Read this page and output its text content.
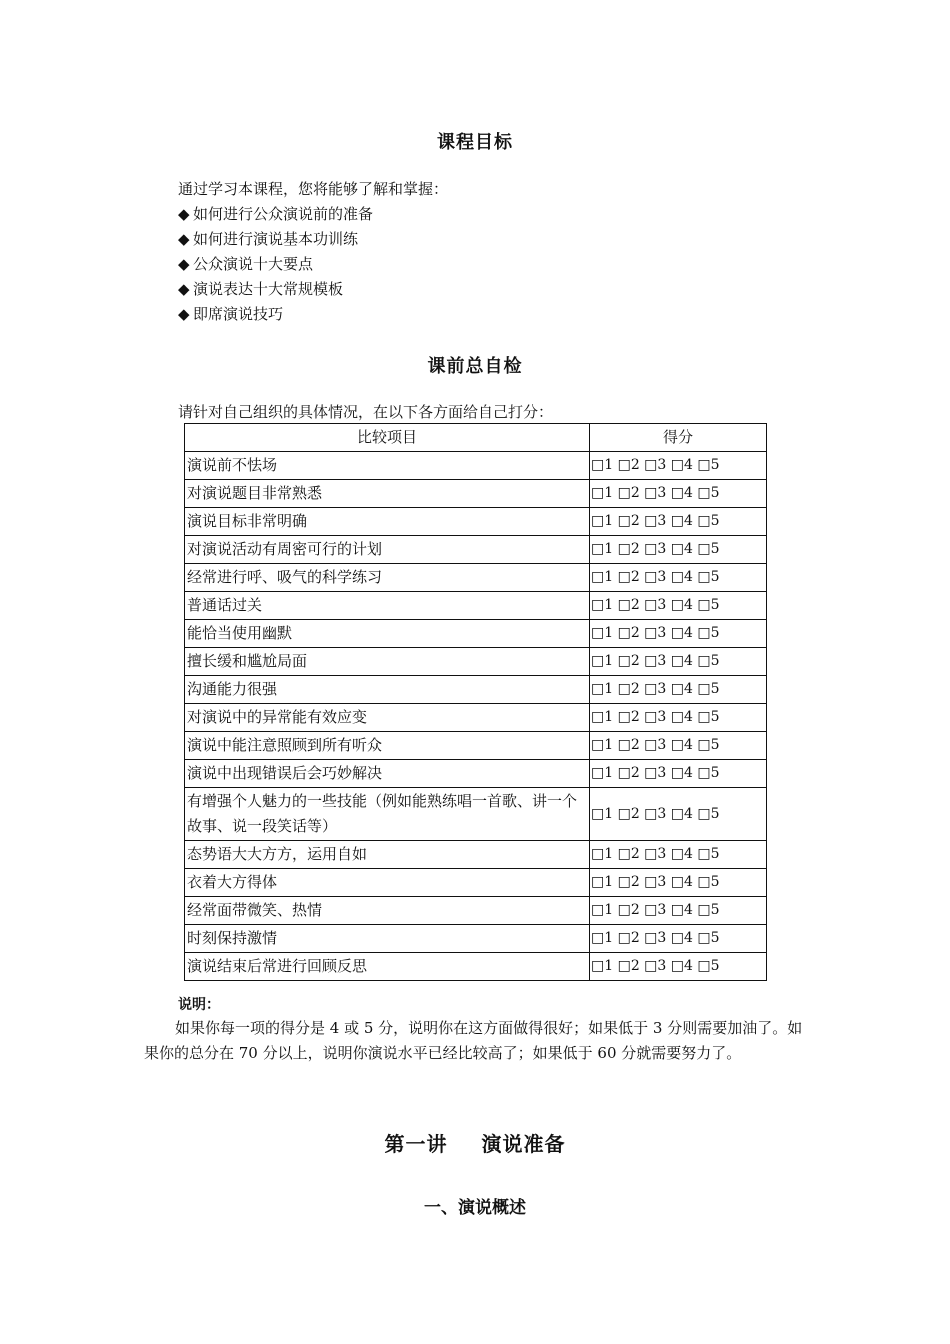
课程目标

通过学习本课程，您将能够了解和掌握：

◆ 如何进行公众演说前的准备
◆ 如何进行演说基本功训练
◆ 公众演说十大要点
◆ 演说表达十大常规模板
◆ 即席演说技巧
课前总自检

请针对自己组织的具体情况，在以下各方面给自己打分：

比较项目	得分
演说前不怯场	□1 □2 □3 □4 □5
对演说题目非常熟悉	□1 □2 □3 □4 □5
演说目标非常明确	□1 □2 □3 □4 □5
对演说活动有周密可行的计划	□1 □2 □3 □4 □5
经常进行呼、吸气的科学练习	□1 □2 □3 □4 □5
普通话过关	□1 □2 □3 □4 □5
能恰当使用幽默	□1 □2 □3 □4 □5
擅长缓和尴尬局面	□1 □2 □3 □4 □5
沟通能力很强	□1 □2 □3 □4 □5
对演说中的异常能有效应变	□1 □2 □3 □4 □5
演说中能注意照顾到所有听众	□1 □2 □3 □4 □5
演说中出现错误后会巧妙解决	□1 □2 □3 □4 □5
有增强个人魅力的一些技能（例如能熟练唱一首歌、讲一个故事、说一段笑话等）	□1 □2 □3 □4 □5
态势语大大方方，运用自如	□1 □2 □3 □4 □5
衣着大方得体	□1 □2 □3 □4 □5
经常面带微笑、热情	□1 □2 □3 □4 □5
时刻保持激情	□1 □2 □3 □4 □5
演说结束后常进行回顾反思	□1 □2 □3 □4 □5

说明：

如果你每一项的得分是 4 或 5 分，说明你在这方面做得很好；如果低于 3 分则需要加油了。如果你的总分在 70 分以上，说明你演说水平已经比较高了；如果低于 60 分就需要努力了。

第一讲 演说准备
一、演说概述
